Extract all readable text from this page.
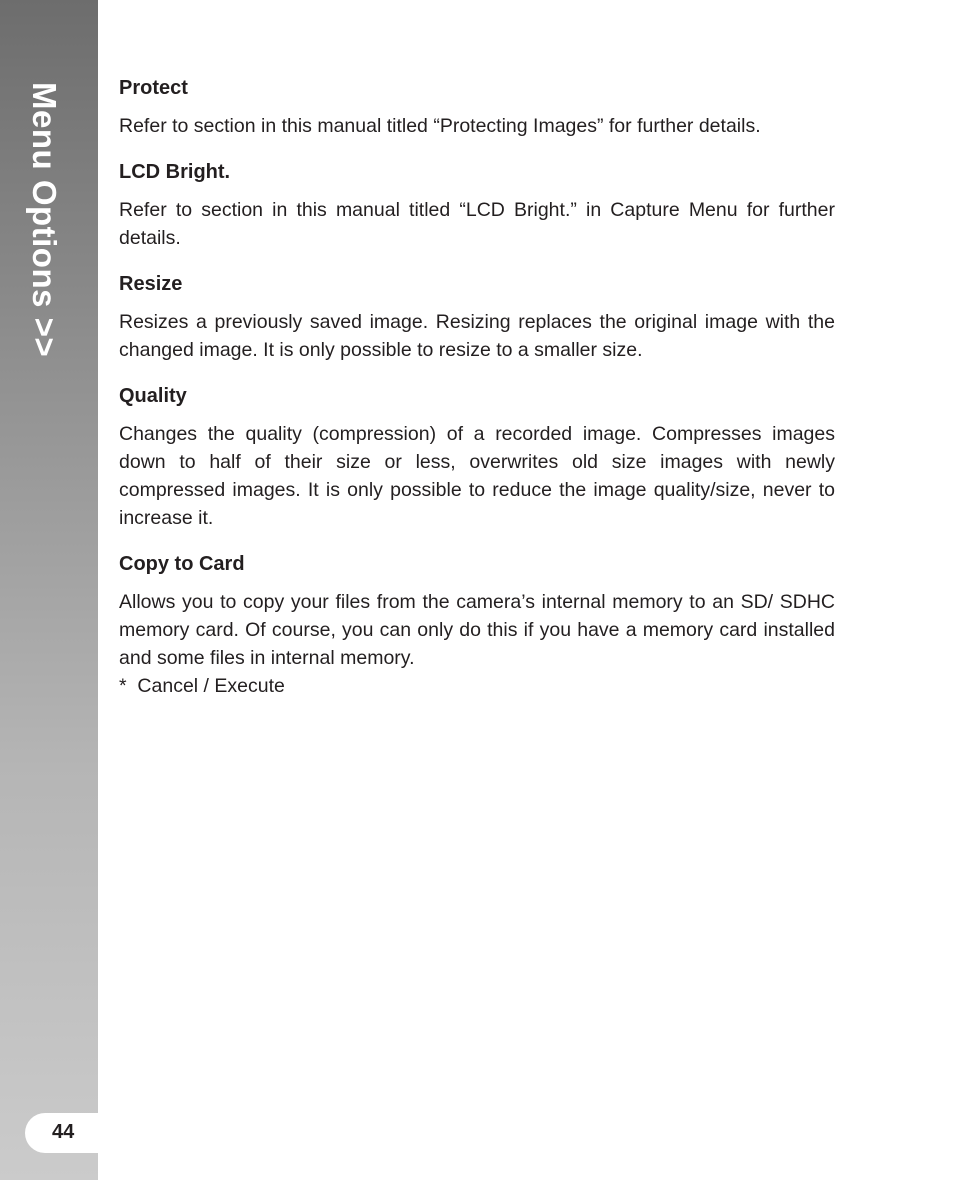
Menu Options >>
44
Protect

Refer to section in this manual titled “Protecting Images” for further details.

LCD Bright.

Refer to section in this manual titled “LCD Bright.” in Capture Menu for further details.

Resize

Resizes a previously saved image. Resizing replaces the original image with the changed image. It is only possible to resize to a smaller size.

Quality

Changes the quality (compression) of a recorded image. Compresses images down to half of their size or less, overwrites old size images with newly compressed images. It is only possible to reduce the image quality/size, never to increase it.

Copy to Card

Allows you to copy your files from the camera’s internal memory to an SD/ SDHC memory card. Of course, you can only do this if you have a memory card installed and some files in internal memory.

*  Cancel / Execute
